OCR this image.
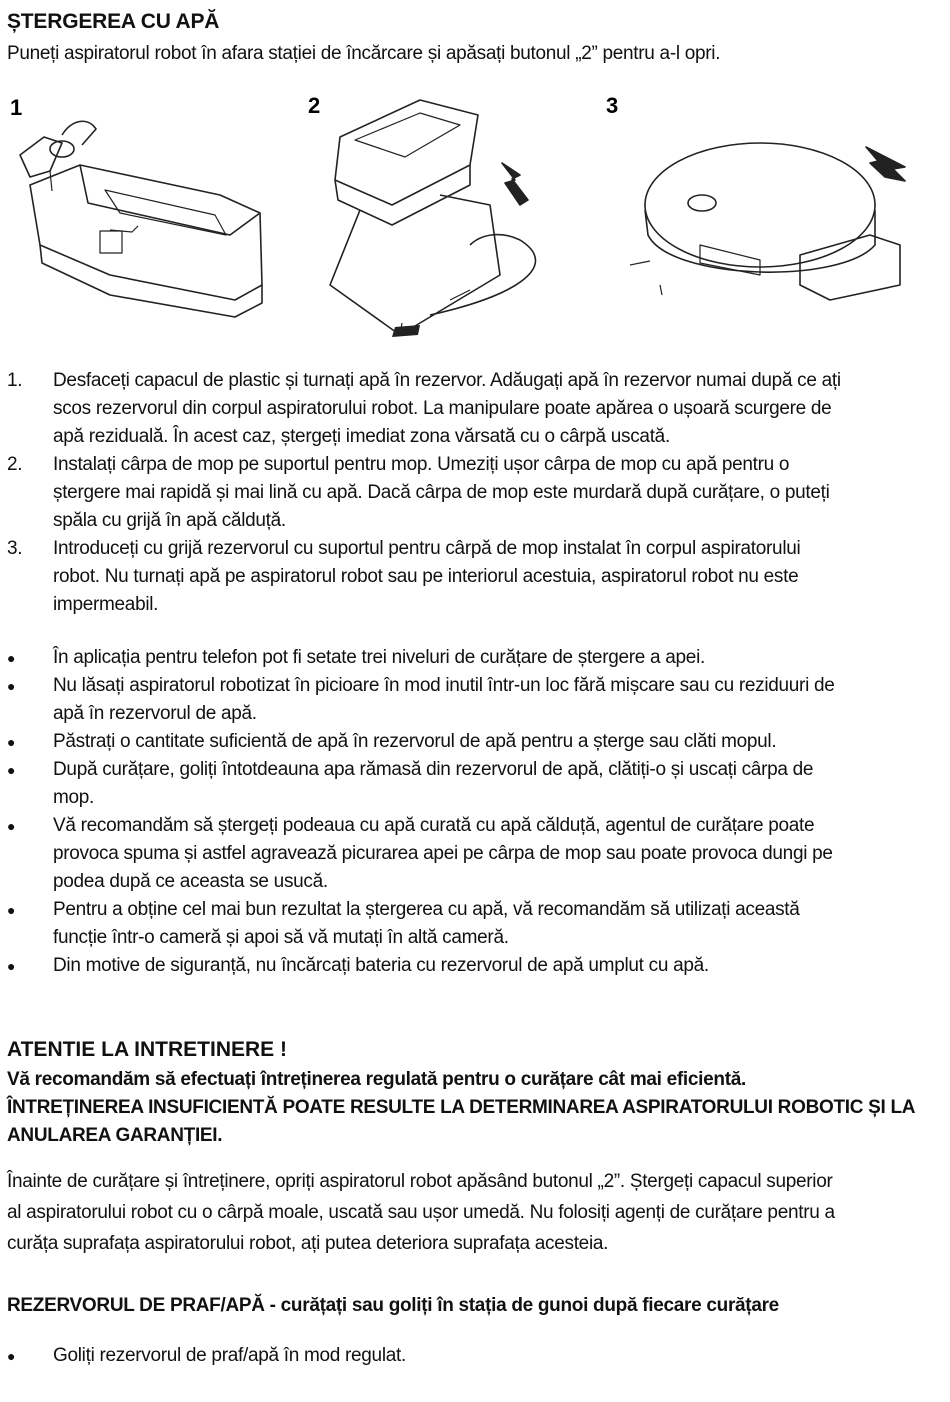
ȘTERGEREA CU APĂ
Puneți aspiratorul robot în afara stației de încărcare și apăsați butonul „2” pentru a-l opri.
1	2	3
1. Desfaceți capacul de plastic și turnați apă în rezervor. Adăugați apă în rezervor numai după ce ați
scos rezervorul din corpul aspiratorului robot. La manipulare poate apărea o ușoară scurgere de
apă reziduală. În acest caz, ștergeți imediat zona vărsată cu o cârpă uscată.
2. Instalați cârpa de mop pe suportul pentru mop. Umeziți ușor cârpa de mop cu apă pentru o
ștergere mai rapidă și mai lină cu apă. Dacă cârpa de mop este murdară după curățare, o puteți
spăla cu grijă în apă călduță.
3. Introduceți cu grijă rezervorul cu suportul pentru cârpă de mop instalat în corpul aspiratorului
robot. Nu turnați apă pe aspiratorul robot sau pe interiorul acestuia, aspiratorul robot nu este
impermeabil.
● În aplicația pentru telefon pot fi setate trei niveluri de curățare de ștergere a apei.
● Nu lăsați aspiratorul robotizat în picioare în mod inutil într-un loc fără mișcare sau cu reziduuri de
apă în rezervorul de apă.
● Păstrați o cantitate suficientă de apă în rezervorul de apă pentru a șterge sau clăti mopul.
● După curățare, goliți întotdeauna apa rămasă din rezervorul de apă, clătiți-o și uscați cârpa de
mop.
● Vă recomandăm să ștergeți podeaua cu apă curată cu apă călduță, agentul de curățare poate
provoca spuma și astfel agravează picurarea apei pe cârpa de mop sau poate provoca dungi pe
podea după ce aceasta se usucă.
● Pentru a obține cel mai bun rezultat la ștergerea cu apă, vă recomandăm să utilizați această
funcție într-o cameră și apoi să vă mutați în altă cameră.
● Din motive de siguranță, nu încărcați bateria cu rezervorul de apă umplut cu apă.
ATENTIE LA INTRETINERE !
Vă recomandăm să efectuați întreținerea regulată pentru o curățare cât mai eficientă.
ÎNTREȚINEREA INSUFICIENTĂ POATE RESULTE LA DETERMINAREA ASPIRATORULUI ROBOTIC ȘI LA
ANULAREA GARANȚIEI.
Înainte de curățare și întreținere, opriți aspiratorul robot apăsând butonul „2”. Ștergeți capacul superior
al aspiratorului robot cu o cârpă moale, uscată sau ușor umedă. Nu folosiți agenți de curățare pentru a
curăța suprafața aspiratorului robot, ați putea deteriora suprafața acesteia.
REZERVORUL DE PRAF/APĂ - curățați sau goliți în stația de gunoi după fiecare curățare
● Goliți rezervorul de praf/apă în mod regulat.
